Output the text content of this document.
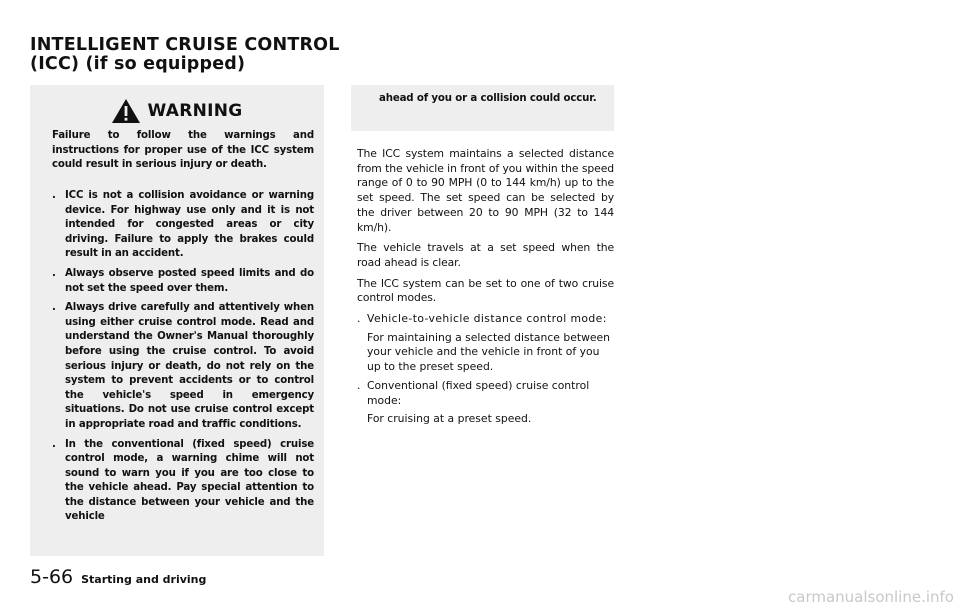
INTELLIGENT CRUISE CONTROL
(ICC) (if so equipped)
WARNING

Failure to follow the warnings and instructions for proper use of the ICC system could result in serious injury or death.

. ICC is not a collision avoidance or warning device. For highway use only and it is not intended for congested areas or city driving. Failure to apply the brakes could result in an accident.
. Always observe posted speed limits and do not set the speed over them.
. Always drive carefully and attentively when using either cruise control mode. Read and understand the Owner's Manual thoroughly before using the cruise control. To avoid serious injury or death, do not rely on the system to prevent accidents or to control the vehicle's speed in emergency situations. Do not use cruise control except in appropriate road and traffic conditions.
. In the conventional (fixed speed) cruise control mode, a warning chime will not sound to warn you if you are too close to the vehicle ahead. Pay special attention to the distance between your vehicle and the vehicle

ahead of you or a collision could occur.

The ICC system maintains a selected distance from the vehicle in front of you within the speed range of 0 to 90 MPH (0 to 144 km/h) up to the set speed. The set speed can be selected by the driver between 20 to 90 MPH (32 to 144 km/h).

The vehicle travels at a set speed when the road ahead is clear.

The ICC system can be set to one of two cruise control modes.

. Vehicle-to-vehicle distance control mode:
For maintaining a selected distance between your vehicle and the vehicle in front of you up to the preset speed.
. Conventional (fixed speed) cruise control mode:
For cruising at a preset speed.
5-66 Starting and driving
carmanualsonline.info
